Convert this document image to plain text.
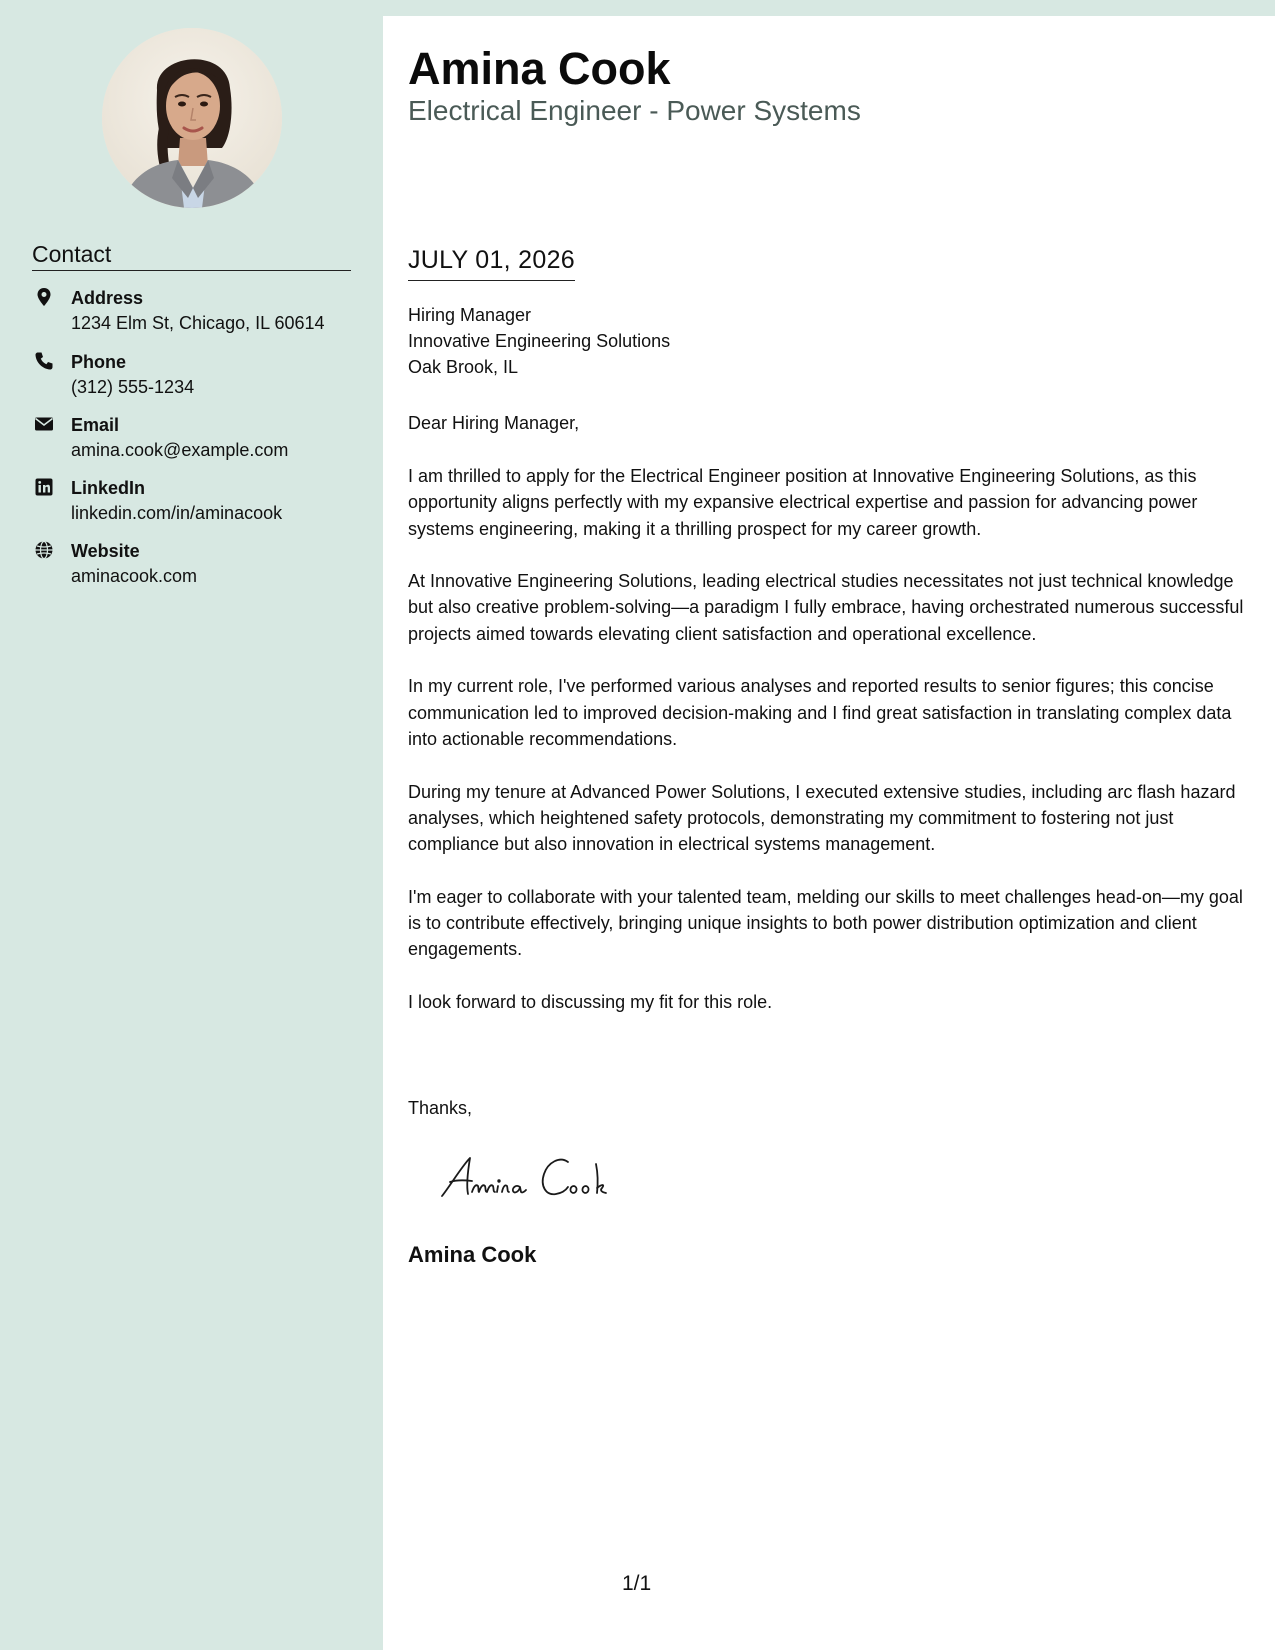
Contact
Address
1234 Elm St, Chicago, IL 60614
Phone
(312) 555-1234
Email
amina.cook@example.com
LinkedIn
linkedin.com/in/aminacook
Website
aminacook.com
Amina Cook
Electrical Engineer - Power Systems
JULY 01, 2026
Hiring Manager
Innovative Engineering Solutions
Oak Brook, IL
Dear Hiring Manager,

I am thrilled to apply for the Electrical Engineer position at Innovative Engineering Solutions, as this opportunity aligns perfectly with my expansive electrical expertise and passion for advancing power systems engineering, making it a thrilling prospect for my career growth.

At Innovative Engineering Solutions, leading electrical studies necessitates not just technical knowledge but also creative problem-solving—a paradigm I fully embrace, having orchestrated numerous successful projects aimed towards elevating client satisfaction and operational excellence.

In my current role, I've performed various analyses and reported results to senior figures; this concise communication led to improved decision-making and I find great satisfaction in translating complex data into actionable recommendations.

During my tenure at Advanced Power Solutions, I executed extensive studies, including arc flash hazard analyses, which heightened safety protocols, demonstrating my commitment to fostering not just compliance but also innovation in electrical systems management.

I'm eager to collaborate with your talented team, melding our skills to meet challenges head-on—my goal is to contribute effectively, bringing unique insights to both power distribution optimization and client engagements.

I look forward to discussing my fit for this role.

Thanks,
Amina Cook
1/1
